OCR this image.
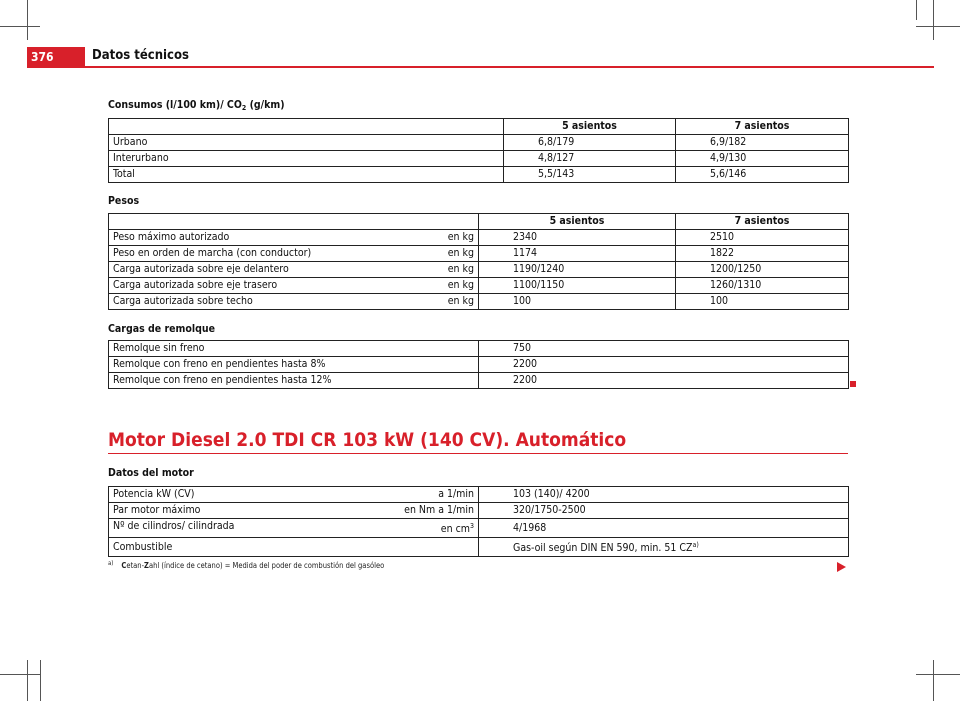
376	Datos técnicos
Consumos (l/100 km)/ $CO_2$ (g/km)
	5 asientos	7 asientos
Urbano	6,8/179	6,9/182
Interurbano	4,8/127	4,9/130
Total	5,5/143	5,6/146
Pesos
		5 asientos	7 asientos
Peso máximo autorizado	en kg	2340	2510
Peso en orden de marcha (con conductor)	en kg	1174	1822
Carga autorizada sobre eje delantero	en kg	1190/1240	1200/1250
Carga autorizada sobre eje trasero	en kg	1100/1150	1260/1310
Carga autorizada sobre techo	en kg	100	100
Cargas de remolque
Remolque sin freno	750
Remolque con freno en pendientes hasta 8%	2200
Remolque con freno en pendientes hasta 12%	2200
Motor Diesel 2.0 TDI CR 103 kW (140 CV). Automático
Datos del motor
Potencia kW (CV) a 1/min	103 (140)/ 4200

Par motor máximo en Nm a 1/min	320/1750-2500

Nº de cilindros/ cilindrada en $cm^3$	4/1968

Combustible	Gas-oil según DIN EN 590, min. 51 CZ$^{a)}$
$^{a)}$ Cetan-Zahl (índice de cetano) = Medida del poder de combustión del gasóleo
